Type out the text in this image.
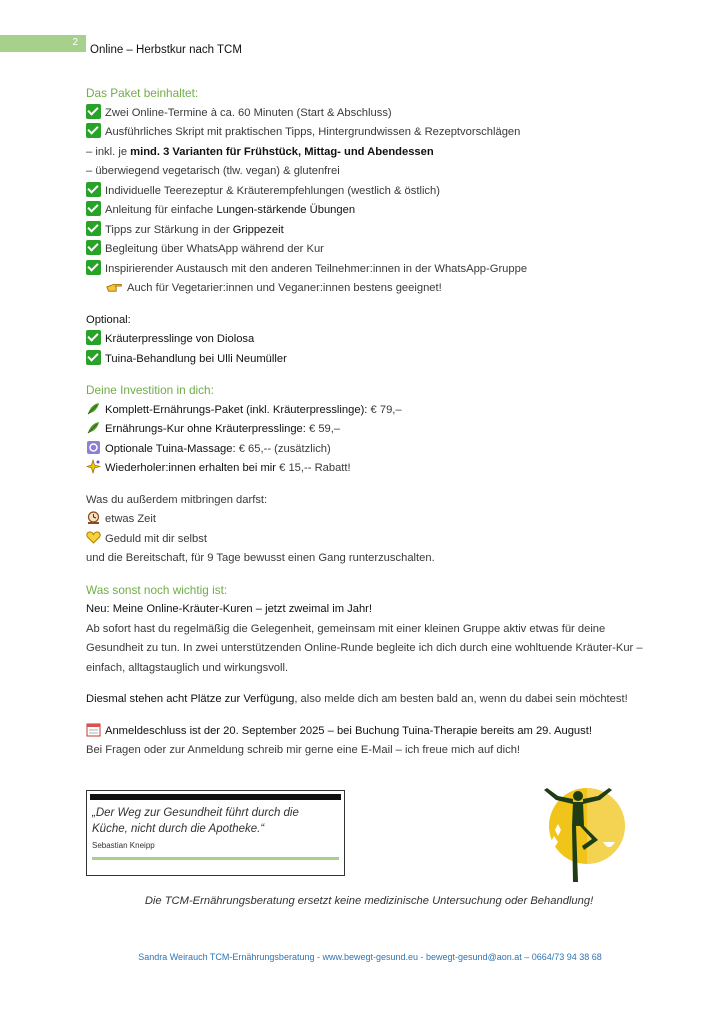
2
Online – Herbstkur nach TCM
Das Paket beinhaltet:
Zwei Online-Termine à ca. 60 Minuten (Start & Abschluss)
Ausführliches Skript mit praktischen Tipps, Hintergrundwissen & Rezeptvorschlägen
– inkl. je mind. 3 Varianten für Frühstück, Mittag- und Abendessen
– überwiegend vegetarisch (tlw. vegan) & glutenfrei
Individuelle Teerezeptur & Kräuterempfehlungen (westlich & östlich)
Anleitung für einfache Lungen-stärkende Übungen
Tipps zur Stärkung in der Grippezeit
Begleitung über WhatsApp während der Kur
Inspirierender Austausch mit den anderen Teilnehmer:innen in der WhatsApp-Gruppe
Auch für Vegetarier:innen und Veganer:innen bestens geeignet!
Optional:
Kräuterpresslinge von Diolosa
Tuina-Behandlung bei Ulli Neumüller
Deine Investition in dich:
Komplett-Ernährungs-Paket (inkl. Kräuterpresslinge): € 79,–
Ernährungs-Kur ohne Kräuterpresslinge: € 59,–
Optionale Tuina-Massage: € 65,-- (zusätzlich)
Wiederholer:innen erhalten bei mir € 15,-- Rabatt!
Was du außerdem mitbringen darfst:
etwas Zeit
Geduld mit dir selbst
und die Bereitschaft, für 9 Tage bewusst einen Gang runterzuschalten.
Was sonst noch wichtig ist:
Neu: Meine Online-Kräuter-Kuren – jetzt zweimal im Jahr!
Ab sofort hast du regelmäßig die Gelegenheit, gemeinsam mit einer kleinen Gruppe aktiv etwas für deine Gesundheit zu tun. In zwei unterstützenden Online-Runde begleite ich dich durch eine wohltuende Kräuter-Kur – einfach, alltagstauglich und wirkungsvoll.
Diesmal stehen acht Plätze zur Verfügung, also melde dich am besten bald an, wenn du dabei sein möchtest!
Anmeldeschluss ist der 20. September 2025 – bei Buchung Tuina-Therapie bereits am 29. August!
Bei Fragen oder zur Anmeldung schreib mir gerne eine E-Mail – ich freue mich auf dich!
„Der Weg zur Gesundheit führt durch die Küche, nicht durch die Apotheke.“
Sebastian Kneipp
Die TCM-Ernährungsberatung ersetzt keine medizinische Untersuchung oder Behandlung!
Sandra Weirauch TCM-Ernährungsberatung - www.bewegt-gesund.eu - bewegt-gesund@aon.at – 0664/73 94 38 68
